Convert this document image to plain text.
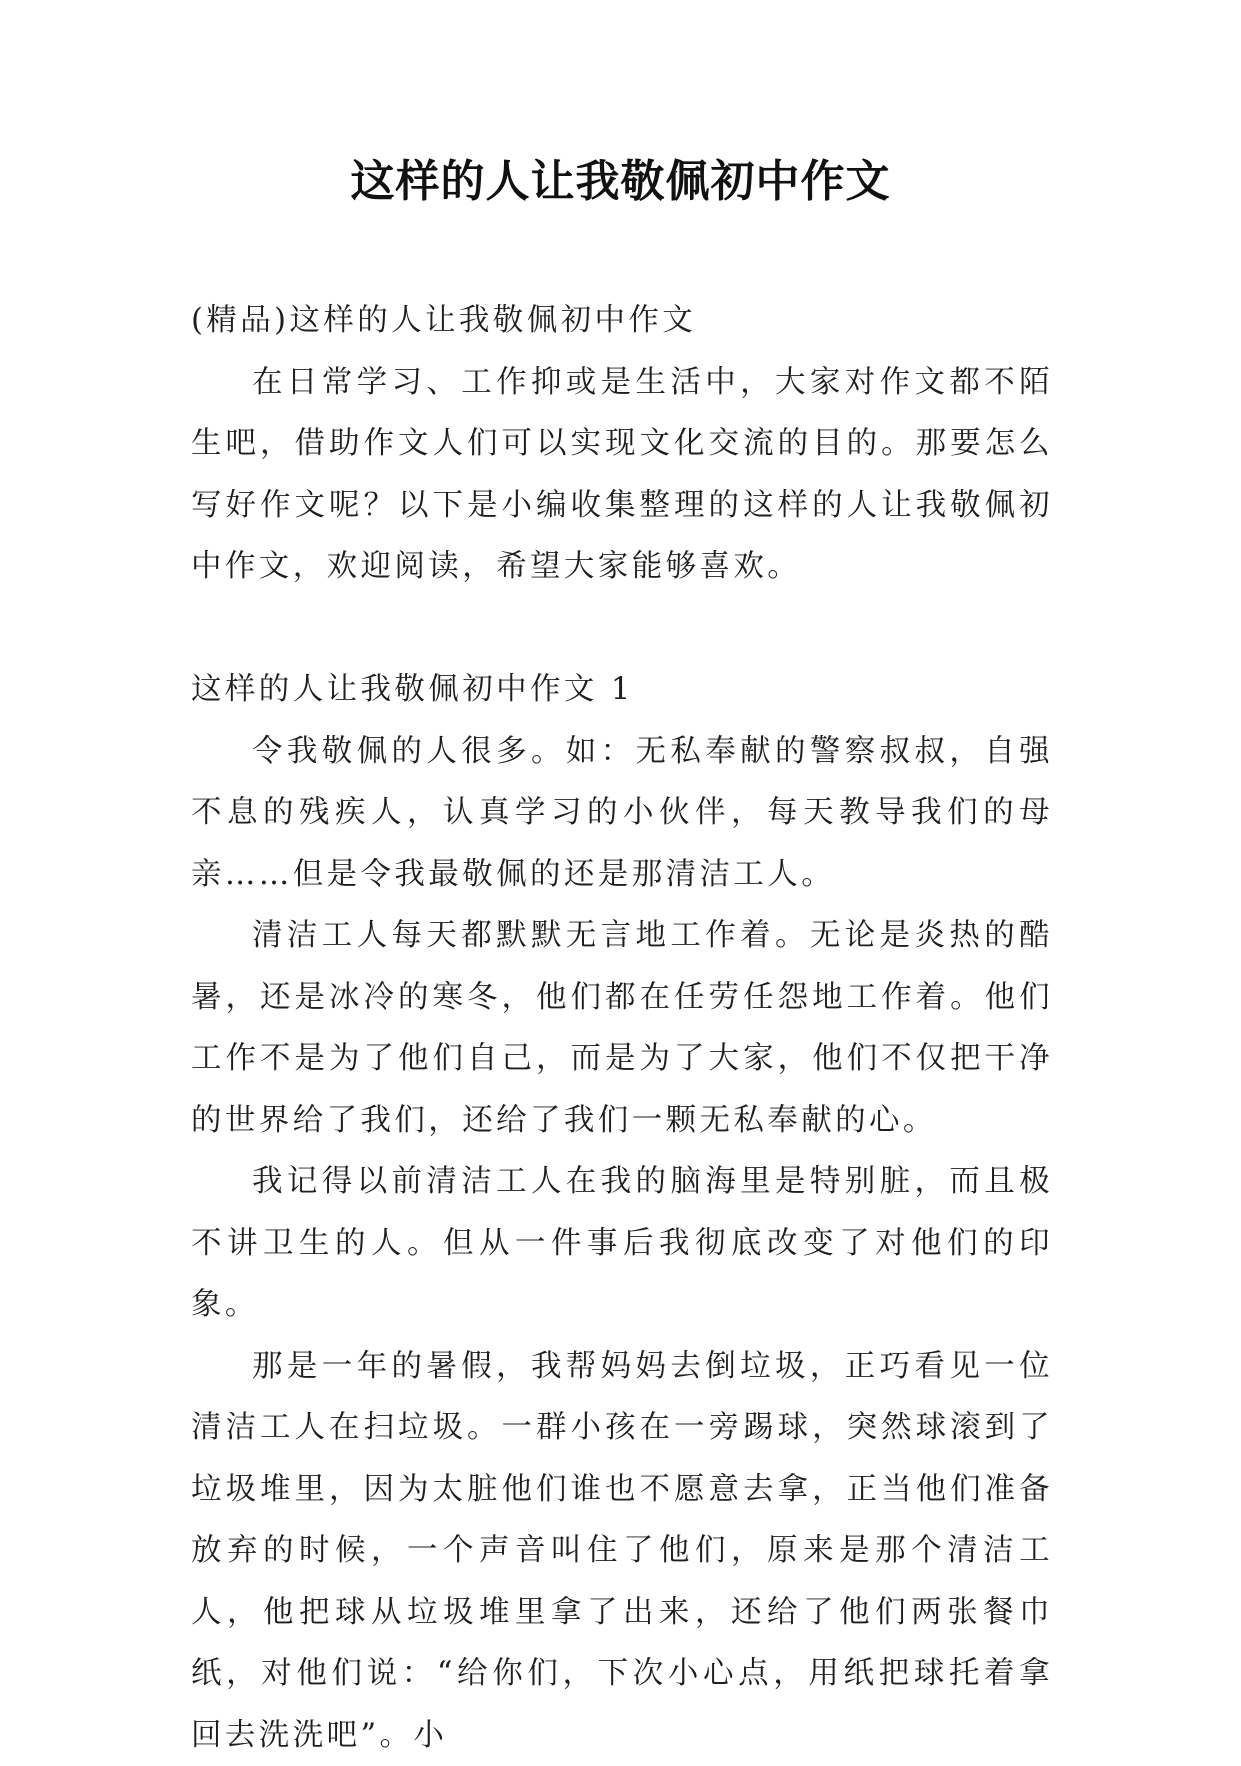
这样的人让我敬佩初中作文

(精品)这样的人让我敬佩初中作文

在日常学习、工作抑或是生活中，大家对作文都不陌生吧，借助作文人们可以实现文化交流的目的。那要怎么写好作文呢？以下是小编收集整理的这样的人让我敬佩初中作文，欢迎阅读，希望大家能够喜欢。

这样的人让我敬佩初中作文 1

令我敬佩的人很多。如：无私奉献的警察叔叔，自强不息的残疾人，认真学习的小伙伴，每天教导我们的母亲……但是令我最敬佩的还是那清洁工人。

清洁工人每天都默默无言地工作着。无论是炎热的酷暑，还是冰冷的寒冬，他们都在任劳任怨地工作着。他们工作不是为了他们自己，而是为了大家，他们不仅把干净的世界给了我们，还给了我们一颗无私奉献的心。

我记得以前清洁工人在我的脑海里是特别脏，而且极不讲卫生的人。但从一件事后我彻底改变了对他们的印象。

那是一年的暑假，我帮妈妈去倒垃圾，正巧看见一位清洁工人在扫垃圾。一群小孩在一旁踢球，突然球滚到了垃圾堆里，因为太脏他们谁也不愿意去拿，正当他们准备放弃的时候，一个声音叫住了他们，原来是那个清洁工人，他把球从垃圾堆里拿了出来，还给了他们两张餐巾纸，对他们说：“给你们，下次小心点，用纸把球托着拿回去洗洗吧”。小
